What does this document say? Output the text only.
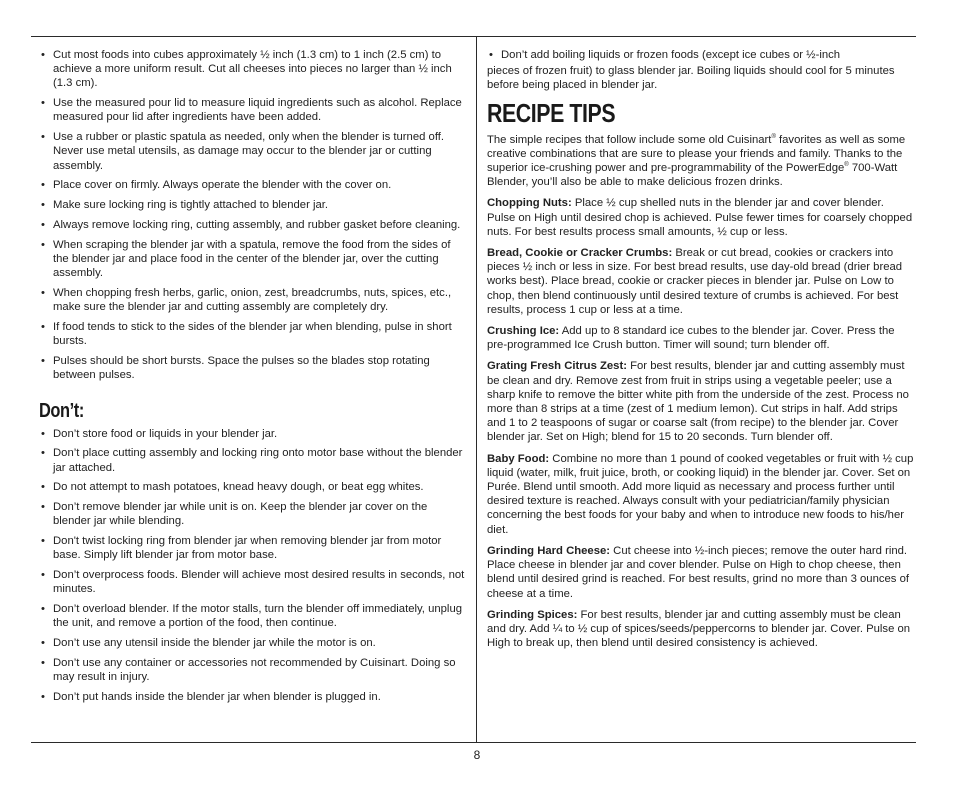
• Cut most foods into cubes approximately ½ inch (1.3 cm) to 1 inch (2.5 cm) to achieve a more uniform result. Cut all cheeses into pieces no larger than ½ inch (1.3 cm).
• Use the measured pour lid to measure liquid ingredients such as alcohol. Replace measured pour lid after ingredients have been added.
• Use a rubber or plastic spatula as needed, only when the blender is turned off. Never use metal utensils, as damage may occur to the blender jar or cutting assembly.
• Place cover on firmly. Always operate the blender with the cover on.
• Make sure locking ring is tightly attached to blender jar.
• Always remove locking ring, cutting assembly, and rubber gasket before cleaning.
• When scraping the blender jar with a spatula, remove the food from the sides of the blender jar and place food in the center of the blender jar, over the cutting assembly.
• When chopping fresh herbs, garlic, onion, zest, breadcrumbs, nuts, spices, etc., make sure the blender jar and cutting assembly are completely dry.
• If food tends to stick to the sides of the blender jar when blending, pulse in short bursts.
• Pulses should be short bursts. Space the pulses so the blades stop rotating between pulses.
Don’t:
• Don’t store food or liquids in your blender jar.
• Don’t place cutting assembly and locking ring onto motor base without the blender jar attached.
• Do not attempt to mash potatoes, knead heavy dough, or beat egg whites.
• Don’t remove blender jar while unit is on. Keep the blender jar cover on the blender jar while blending.
• Don't twist locking ring from blender jar when removing blender jar from motor base. Simply lift blender jar from motor base.
• Don’t overprocess foods. Blender will achieve most desired results in seconds, not minutes.
• Don’t overload blender. If the motor stalls, turn the blender off immediately, unplug the unit, and remove a portion of the food, then continue.
• Don’t use any utensil inside the blender jar while the motor is on.
• Don’t use any container or accessories not recommended by Cuisinart. Doing so may result in injury.
• Don’t put hands inside the blender jar when blender is plugged in.
• Don’t add boiling liquids or frozen foods (except ice cubes or ½-inch

pieces of frozen fruit) to glass blender jar. Boiling liquids should cool for 5 minutes before being placed in blender jar.

RECIPE TIPS

The simple recipes that follow include some old Cuisinart® favorites as well as some creative combinations that are sure to please your friends and family. Thanks to the superior ice-crushing power and pre-programmability of the PowerEdge® 700-Watt Blender, you’ll also be able to make delicious frozen drinks.

Chopping Nuts: Place ½ cup shelled nuts in the blender jar and cover blender. Pulse on High until desired chop is achieved. Pulse fewer times for coarsely chopped nuts. For best results process small amounts, ½ cup or less.

Bread, Cookie or Cracker Crumbs: Break or cut bread, cookies or crackers into pieces ½ inch or less in size. For best bread results, use day-old bread (drier bread works best). Place bread, cookie or cracker pieces in blender jar. Pulse on Low to chop, then blend continuously until desired texture of crumbs is achieved. For best results, process 1 cup or less at a time.

Crushing Ice: Add up to 8 standard ice cubes to the blender jar. Cover. Press the pre-programmed Ice Crush button. Timer will sound; turn blender off.

Grating Fresh Citrus Zest: For best results, blender jar and cutting assembly must be clean and dry. Remove zest from fruit in strips using a vegetable peeler; use a sharp knife to remove the bitter white pith from the underside of the zest. Process no more than 8 strips at a time (zest of 1 medium lemon). Cut strips in half. Add strips and 1 to 2 teaspoons of sugar or coarse salt (from recipe) to the blender jar. Cover blender jar. Set on High; blend for 15 to 20 seconds. Turn blender off.

Baby Food: Combine no more than 1 pound of cooked vegetables or fruit with ½ cup liquid (water, milk, fruit juice, broth, or cooking liquid) in the blender jar. Cover. Set on Purée. Blend until smooth. Add more liquid as necessary and process further until desired texture is reached. Always consult with your pediatrician/family physician concerning the best foods for your baby and when to introduce new foods to his/her diet.

Grinding Hard Cheese: Cut cheese into ½-inch pieces; remove the outer hard rind. Place cheese in blender jar and cover blender. Pulse on High to chop cheese, then blend until desired grind is reached. For best results, grind no more than 3 ounces of cheese at a time.

Grinding Spices: For best results, blender jar and cutting assembly must be clean and dry. Add ¼ to ½ cup of spices/seeds/peppercorns to blender jar. Cover. Pulse on High to break up, then blend until desired consistency is achieved.

8
